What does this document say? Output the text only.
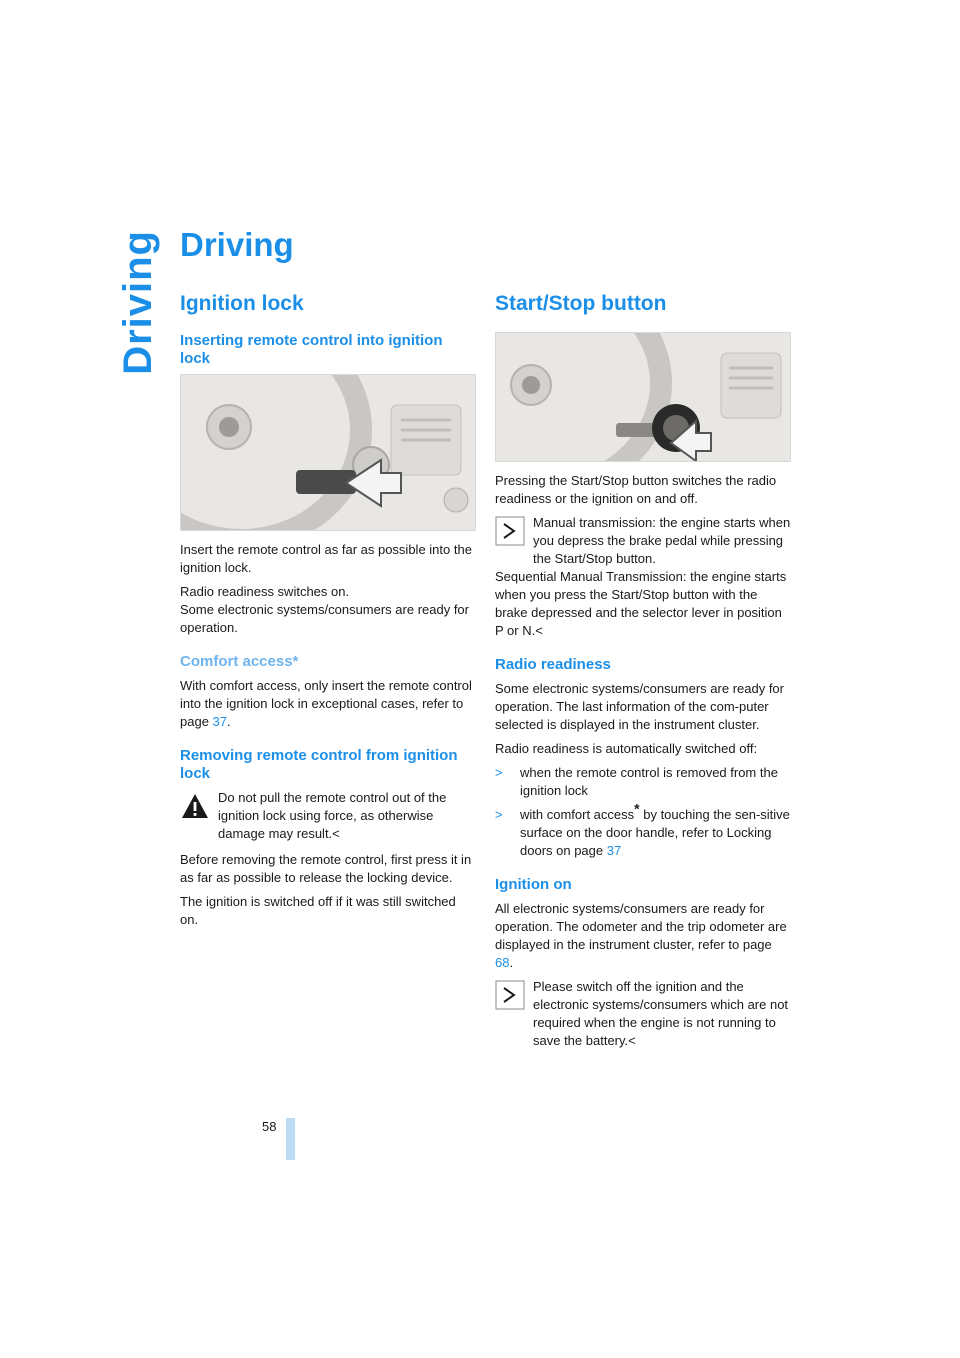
Driving Driving
Ignition lock
Inserting remote control into ignition lock

Insert the remote control as far as possible into the ignition lock.

Radio readiness switches on.

Some electronic systems/consumers are ready for operation.

Comfort access*

With comfort access, only insert the remote control into the ignition lock in exceptional cases, refer to page 37.

Removing remote control from ignition lock

Do not pull the remote control out of the ignition lock using force, as otherwise damage may result.<

Before removing the remote control, first press it in as far as possible to release the locking device.

The ignition is switched off if it was still switched on.

Start/Stop button

Pressing the Start/Stop button switches the radio readiness or the ignition on and off.

Manual transmission: the engine starts when you depress the brake pedal while pressing the Start/Stop button.

Sequential Manual Transmission: the engine starts when you press the Start/Stop button with the brake depressed and the selector lever in position P or N.<

Radio readiness

Some electronic systems/consumers are ready for operation. The last information of the com-puter selected is displayed in the instrument cluster.

Radio readiness is automatically switched off:

> when the remote control is removed from the ignition lock
> with comfort access* by touching the sen-sitive surface on the door handle, refer to Locking doors on page 37
Ignition on

All electronic systems/consumers are ready for operation. The odometer and the trip odometer are displayed in the instrument cluster, refer to page 68.

Please switch off the ignition and the electronic systems/consumers which are not required when the engine is not running to save the battery.<

58
